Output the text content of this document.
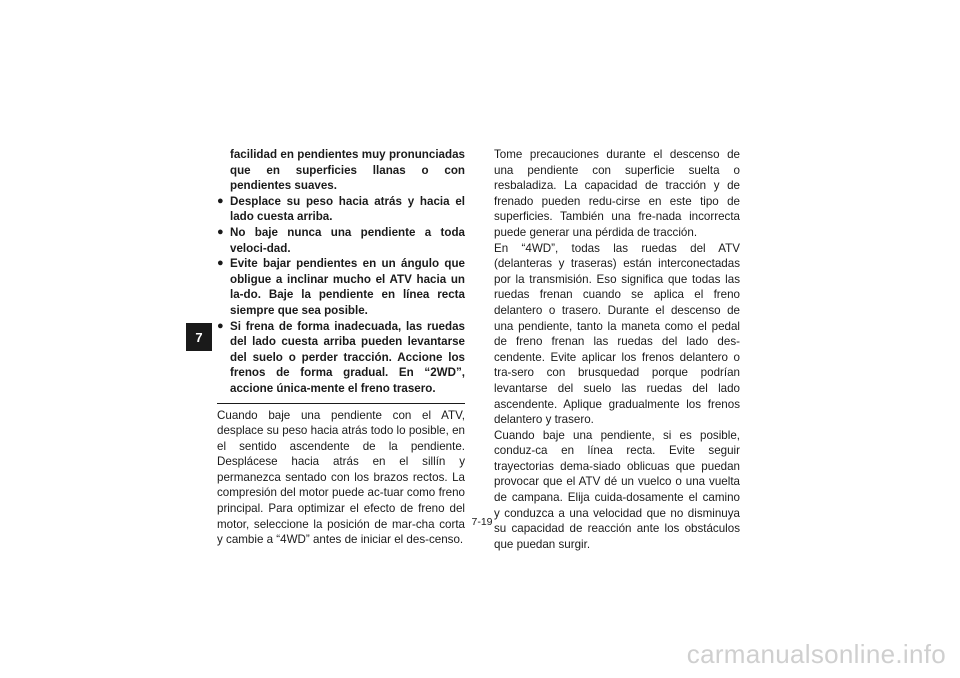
7
facilidad en pendientes muy pronunciadas que en superficies llanas o con pendientes suaves.
● Desplace su peso hacia atrás y hacia el lado cuesta arriba.
● No baje nunca una pendiente a toda veloci-dad.
● Evite bajar pendientes en un ángulo que obligue a inclinar mucho el ATV hacia un la-do. Baje la pendiente en línea recta siempre que sea posible.
● Si frena de forma inadecuada, las ruedas del lado cuesta arriba pueden levantarse del suelo o perder tracción. Accione los frenos de forma gradual. En “2WD”, accione única-mente el freno trasero.

Cuando baje una pendiente con el ATV, desplace su peso hacia atrás todo lo posible, en el sentido ascendente de la pendiente. Desplácese hacia atrás en el sillín y permanezca sentado con los brazos rectos. La compresión del motor puede ac-tuar como freno principal. Para optimizar el efecto de freno del motor, seleccione la posición de mar-cha corta y cambie a “4WD” antes de iniciar el des-censo.

Tome precauciones durante el descenso de una pendiente con superficie suelta o resbaladiza. La capacidad de tracción y de frenado pueden redu-cirse en este tipo de superficies. También una fre-nada incorrecta puede generar una pérdida de tracción.

En “4WD”, todas las ruedas del ATV (delanteras y traseras) están interconectadas por la transmisión. Eso significa que todas las ruedas frenan cuando se aplica el freno delantero o trasero. Durante el descenso de una pendiente, tanto la maneta como el pedal de freno frenan las ruedas del lado des-cendente. Evite aplicar los frenos delantero o tra-sero con brusquedad porque podrían levantarse del suelo las ruedas del lado ascendente. Aplique gradualmente los frenos delantero y trasero.

Cuando baje una pendiente, si es posible, conduz-ca en línea recta. Evite seguir trayectorias dema-siado oblicuas que puedan provocar que el ATV dé un vuelco o una vuelta de campana. Elija cuida-dosamente el camino y conduzca a una velocidad que no disminuya su capacidad de reacción ante los obstáculos que puedan surgir.

7-19
carmanualsonline.info
